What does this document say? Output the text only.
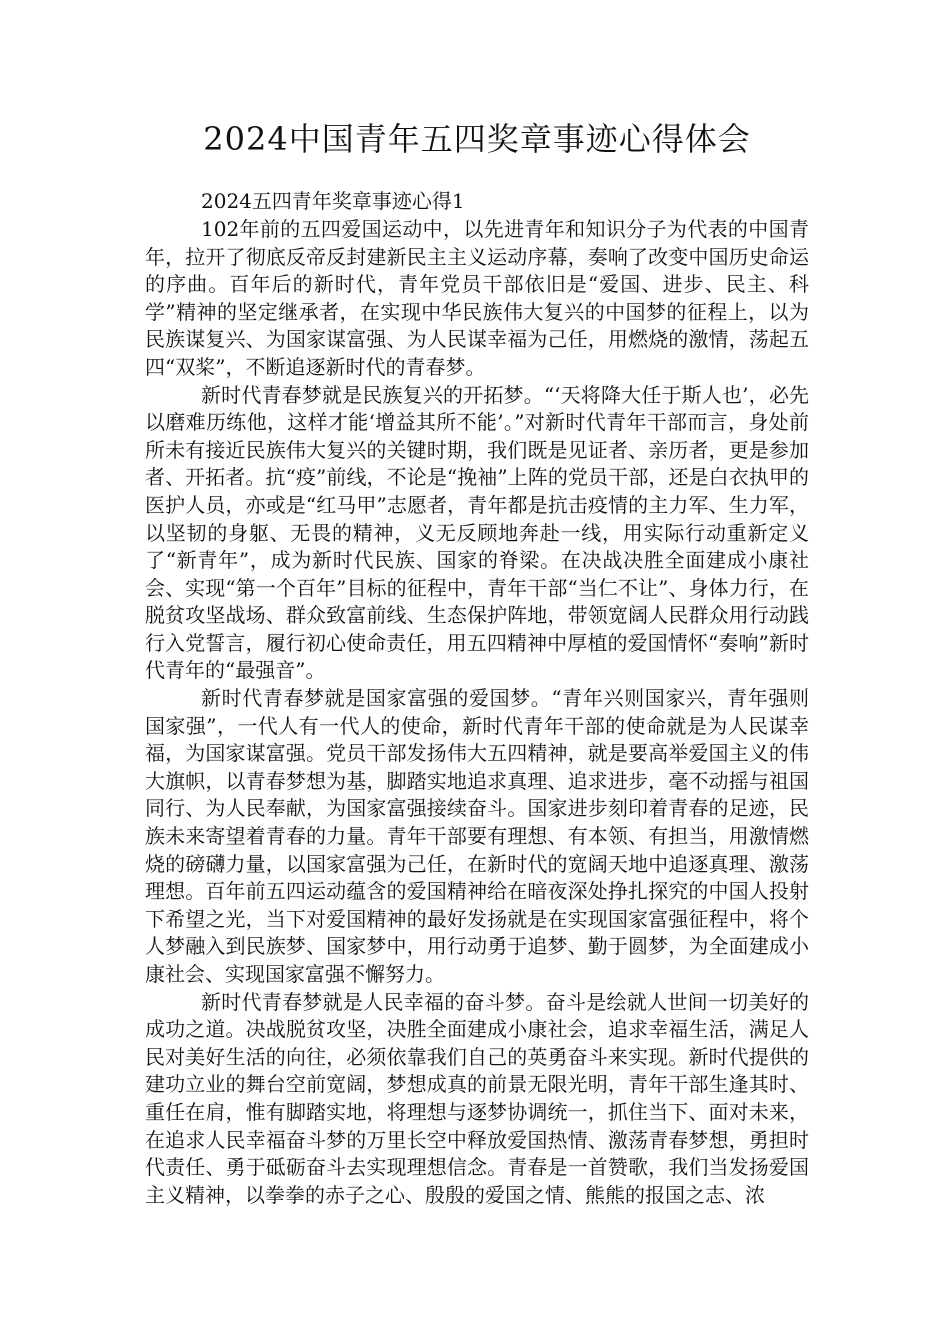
2024中国青年五四奖章事迹心得体会

2024五四青年奖章事迹心得1

102年前的五四爱国运动中，以先进青年和知识分子为代表的中国青年，拉开了彻底反帝反封建新民主主义运动序幕，奏响了改变中国历史命运的序曲。百年后的新时代，青年党员干部依旧是“爱国、进步、民主、科学”精神的坚定继承者，在实现中华民族伟大复兴的中国梦的征程上，以为民族谋复兴、为国家谋富强、为人民谋幸福为己任，用燃烧的激情，荡起五四“双桨”，不断追逐新时代的青春梦。

新时代青春梦就是民族复兴的开拓梦。“‘天将降大任于斯人也’，必先以磨难历练他，这样才能‘增益其所不能’。”对新时代青年干部而言，身处前所未有接近民族伟大复兴的关键时期，我们既是见证者、亲历者，更是参加者、开拓者。抗“疫”前线，不论是“挽袖”上阵的党员干部，还是白衣执甲的医护人员，亦或是“红马甲”志愿者，青年都是抗击疫情的主力军、生力军，以坚韧的身躯、无畏的精神，义无反顾地奔赴一线，用实际行动重新定义了“新青年”，成为新时代民族、国家的脊梁。在决战决胜全面建成小康社会、实现“第一个百年”目标的征程中，青年干部“当仁不让”、身体力行，在脱贫攻坚战场、群众致富前线、生态保护阵地，带领宽阔人民群众用行动践行入党誓言，履行初心使命责任，用五四精神中厚植的爱国情怀“奏响”新时代青年的“最强音”。

新时代青春梦就是国家富强的爱国梦。“青年兴则国家兴，青年强则国家强”，一代人有一代人的使命，新时代青年干部的使命就是为人民谋幸福，为国家谋富强。党员干部发扬伟大五四精神，就是要高举爱国主义的伟大旗帜，以青春梦想为基，脚踏实地追求真理、追求进步，毫不动摇与祖国同行、为人民奉献，为国家富强接续奋斗。国家进步刻印着青春的足迹，民族未来寄望着青春的力量。青年干部要有理想、有本领、有担当，用激情燃烧的磅礴力量，以国家富强为己任，在新时代的宽阔天地中追逐真理、激荡理想。百年前五四运动蕴含的爱国精神给在暗夜深处挣扎探究的中国人投射下希望之光，当下对爱国精神的最好发扬就是在实现国家富强征程中，将个人梦融入到民族梦、国家梦中，用行动勇于追梦、勤于圆梦，为全面建成小康社会、实现国家富强不懈努力。

新时代青春梦就是人民幸福的奋斗梦。奋斗是绘就人世间一切美好的成功之道。决战脱贫攻坚，决胜全面建成小康社会，追求幸福生活，满足人民对美好生活的向往，必须依靠我们自己的英勇奋斗来实现。新时代提供的建功立业的舞台空前宽阔，梦想成真的前景无限光明，青年干部生逢其时、重任在肩，惟有脚踏实地，将理想与逐梦协调统一，抓住当下、面对未来，在追求人民幸福奋斗梦的万里长空中释放爱国热情、激荡青春梦想，勇担时代责任、勇于砥砺奋斗去实现理想信念。青春是一首赞歌，我们当发扬爱国主义精神，以拳拳的赤子之心、殷殷的爱国之情、熊熊的报国之志、浓
